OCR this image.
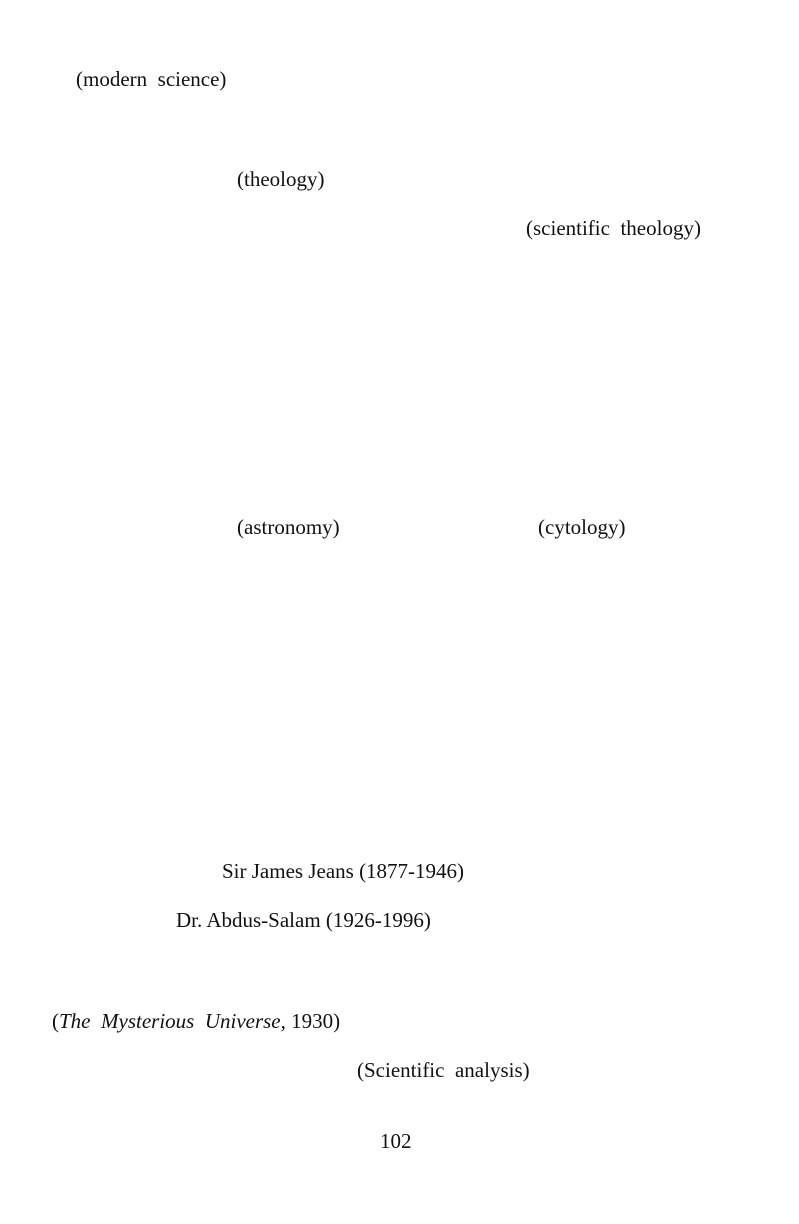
(modern  science)
(theology)
(scientific  theology)
(astronomy)	(cytology)
Sir James Jeans (1877-1946)
Dr. Abdus-Salam (1926-1996)
(The  Mysterious  Universe, 1930)
(Scientific  analysis)
102
